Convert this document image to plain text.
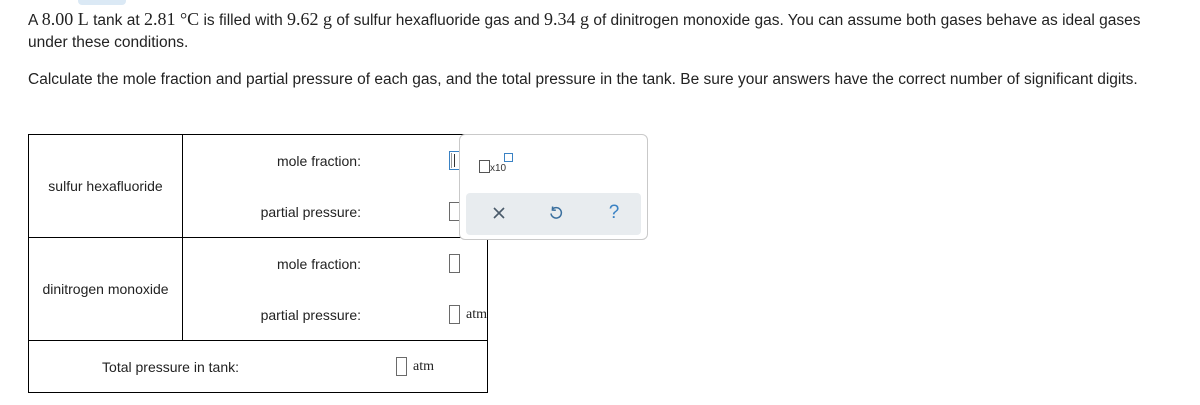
A 8.00 L tank at 2.81 °C is filled with 9.62 g of sulfur hexafluoride gas and 9.34 g of dinitrogen monoxide gas. You can assume both gases behave as ideal gases under these conditions.

Calculate the mole fraction and partial pressure of each gas, and the total pressure in the tank. Be sure your answers have the correct number of significant digits.

sulfur hexafluoride	mole fraction:
partial pressure:

dinitrogen monoxide	mole fraction:
partial pressure: atm

Total pressure in tank: atm	
x10
?
